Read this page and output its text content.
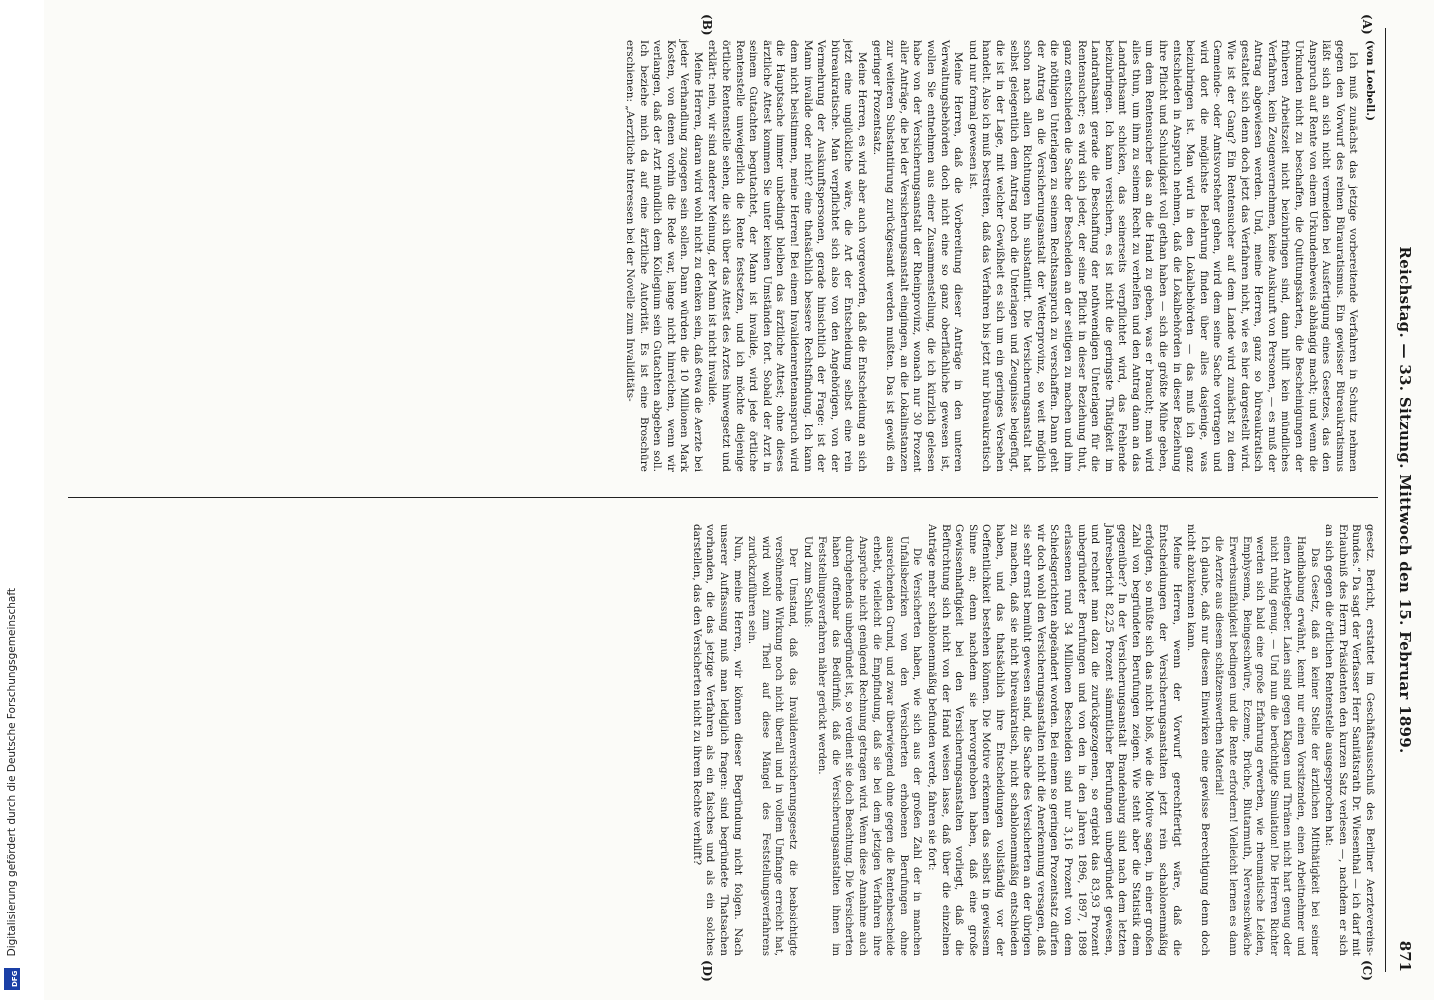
Reichstag. — 33. Sitzung. Mittwoch den 15. Februar 1899.
871
(A)
(B)
(C)
(D)

(von Loebell.)

Ich muß zunächst das jetzige vorbereitende Verfahren in Schutz nehmen gegen den Vorwurf des reinen Bürauratismus. Ein gewisser Büreaukratismus läßt sich an sich nicht vermeiden bei Ausfertigung eines Gesetzes, das den Anspruch auf Rente von einem Urkundenbeweis abhängig macht; und wenn die Urkunden nicht zu beschaffen, die Quittungskarten, die Bescheinigungen der früheren Arbeitszeit nicht beizubringen sind, dann hilft kein mündliches Verfahren, kein Zeugenvernehmen, keine Auskunft von Personen, — es muß der Antrag abgewiesen werden. Und, meine Herren, ganz so büreaukratisch gestaltet sich denn doch jetzt das Verfahren nicht, wie es hier dargestellt wird. Wie ist der Gang? Ein Rentensucher auf dem Lande wird zunächst zu dem Gemeinde- oder Amtsvorsteher gehen, wird dem seine Sache vortragen und wird dort die möglichste Belehrung finden über alles dasjenige, was beizubringen ist. Man wird in den Lokalbehörden — das muß ich ganz entschieden in Anspruch nehmen, daß die Lokalbehörden in dieser Beziehung ihre Pflicht und Schuldigkeit voll gethan haben — sich die größte Mühe geben, um dem Rentensucher das an die Hand zu geben, was er braucht; man wird alles thun, um ihm zu seinem Recht zu verhelfen und den Antrag dann an das Landrathsamt schicken, das seinerseits verpflichtet wird, das Fehlende beizubringen. Ich kann versichern, es ist nicht die geringste Thätigkeit im Landrathsamt gerade die Beschaffung der nothwendigen Unterlagen für die Rentensucher; es wird sich jeder, der seine Pflicht in dieser Beziehung thut, ganz entschieden die Sache der Bescheiden an der seitigen zu machen und ihm die nöthigen Unterlagen zu seinem Rechtsanspruch zu verschaffen. Dann geht der Antrag an die Versicherungsanstalt der Wetterprovinz, so weit möglich schon nach allen Richtungen hin substantiirt. Die Versicherungsanstalt hat selbst gelegentlich dem Antrag noch die Unterlagen und Zeugnisse beigefügt, die ist in der Lage, mit welcher Gewißheit es sich um ein geringes Versehen handelt. Also ich muß bestreiten, daß das Verfahren bis jetzt nur büreaukratisch und nur formal gewesen ist.

Meine Herren, daß die Vorbereitung dieser Anträge in den unteren Verwaltungsbehörden doch nicht eine so ganz oberflächliche gewesen ist, wollen Sie entnehmen aus einer Zusammenstellung, die ich kürzlich gelesen habe von der Versicherungsanstalt der Rheinprovinz, wonach nur 30 Prozent aller Anträge, die bei der Versicherungsanstalt eingingen, an die Lokalinstanzen zur weiteren Substantiirung zurückgesandt werden mußten. Das ist gewiß ein geringer Prozentsatz.

Meine Herren, es wird aber auch vorgeworfen, daß die Entscheidung an sich jetzt eine unglückliche wäre, die Art der Entscheidung selbst eine rein büreaukratische. Man verpflichtet sich also von den Angehörigen, von der Vermehrung der Auskunftspersonen, gerade hinsichtlich der Frage: ist der Mann invalide oder nicht? eine thatsächlich bessere Rechtsfindung. Ich kann dem nicht beistimmen, meine Herren! Bei einem Invalidenrentenanspruch wird die Hauptsache immer unbedingt bleiben das ärztliche Attest; ohne dieses ärztliche Attest kommen Sie unter keinen Umständen fort. Sobald der Arzt in seinem Gutachten begutachtet, der Mann ist invalide, wird jede örtliche Rentenstelle unweigerlich die Rente festsetzen, und ich möchte diejenige örtliche Rentenstelle sehen, die sich über das Attest des Arztes hinwegsetzt und erklärt: nein, wir sind anderer Meinung, der Mann ist nicht invalide.

Meine Herren, daran wird wohl nicht zu denken sein, daß etwa die Aerzte bei jeder Verhandlung zugegen sein sollen. Dann würden die 10 Millionen Mark Kosten, von denen vorhin die Rede war, lange nicht hinreichen, wenn wir verlangen, daß der Arzt mündlich dem Kollegium sein Gutachten abgeben soll. Ich beziehe mich da auf eine ärztliche Autorität. Es ist eine Broschüre erschienen: „Aerztliche Interessen bei der Novelle zum Invaliditäts-

gesetz. Bericht, erstattet im Geschäftsausschuß des Berliner Aerztevereins-Bundes.“ Da sagt der Verfasser Herr Sanitätsrath Dr. Wiesenthal — ich darf mit Erlaubniß des Herrn Präsidenten den kurzen Satz verlesen —, nachdem er sich an sich gegen die örtlichen Rentenstelle ausgesprochen hat:

Das Gesetz, daß an keiner Stelle der ärztlichen Mitthätigkeit bei seiner Handhabung erwähnt, kennt nur einen Vorsitzenden, einen Arbeitnehmer und einen Arbeitgeber. Laien sind gegen Klagen und Thränen nicht hart genug oder nicht ruhig genug. — Und nun die berüchtigte Simulation! Die Herren Richter werden sich bald eine große Erfahrung erwerben, wie rheumatische Leiden, Emphysema, Beingeschwüre, Eczeme, Brüche, Blutarmuth, Nervenschwäche Erwerbsunfähigkeit bedingen und die Rente erfordern! Vielleicht lernen es dann die Aerzte aus diesem schätzenswerthen Material!

Ich glaube, daß nur diesem Einwirken eine gewisse Berechtigung denn doch nicht abzukennen kann.

Meine Herren, wenn der Vorwurf gerechtfertigt wäre, daß die Entscheidungen der Versicherungsanstalten jetzt rein schablonenmäßig erfolgten, so müßte sich das nicht bloß, wie die Motive sagen, in einer großen Zahl von begründeten Berufungen zeigen. Wie steht aber die Statistik dem gegenüber? In der Versicherungsanstalt Brandenburg sind nach dem letzten Jahresbericht 82,25 Prozent sämmtlicher Berufungen unbegründet gewesen, und rechnet man dazu die zurückgezogenen, so ergiebt das 83,93 Prozent unbegründeter Berufungen und von den in den Jahren 1896, 1897, 1898 erlassenen rund 34 Millionen Bescheiden sind nur 3,16 Prozent von dem Schiedsgerichten abgeändert worden. Bei einem so geringen Prozentsatz dürfen wir doch wohl den Versicherungsanstalten nicht die Anerkennung versagen, daß sie sehr ernst bemüht gewesen sind, die Sache des Versicherten an der übrigen zu machen, daß sie nicht büreaukratisch, nicht schablonenmäßig entschieden haben, und das thatsächlich ihre Entscheidungen vollständig vor der Oeffentlichkeit bestehen können. Die Motive erkennen das selbst in gewissem Sinne an; denn nachdem sie hervorgehoben haben, daß eine große Gewissenhaftigkeit bei den Versicherungsanstalten vorliegt, daß die Befürchtung sich nicht von der Hand weisen lasse, daß über die einzelnen Anträge mehr schablonenmäßig befunden werde, fahren sie fort:

Die Versicherten haben, wie sich aus der großen Zahl der in manchen Unfallsbezirken von den Versicherten erhobenen Berufungen ohne ausreichenden Grund, und zwar überwiegend ohne gegen die Rentenbescheide erhebt, vielleicht die Empfindung, daß sie bei dem jetzigen Verfahren ihre Ansprüche nicht genügend Rechnung getragen wird. Wenn diese Annahme auch durchgehends unbegründet ist, so verdient sie doch Beachtung. Die Versicherten haben offenbar das Bedürfniß, daß die Versicherungsanstalten ihnen im Feststellungsverfahren näher gerückt werden.

Und zum Schluß:

Der Umstand, daß das Invalidenversicherungsgesetz die beabsichtigte versöhnende Wirkung noch nicht überall und in vollem Umfange erreicht hat, wird wohl zum Theil auf diese Mängel des Feststellungsverfahrens zurückzuführen sein.

Nun, meine Herren, wir können dieser Begründung nicht folgen. Nach unserer Auffassung muß man lediglich fragen: sind begründete Thatsachen vorhanden, die das jetzige Verfahren als ein falsches und als ein solches darstellen, das den Versicherten nicht zu ihrem Rechte verhilft?

Digitalisierung gefördert durch die Deutsche Forschungsgemeinschaft
DFG
